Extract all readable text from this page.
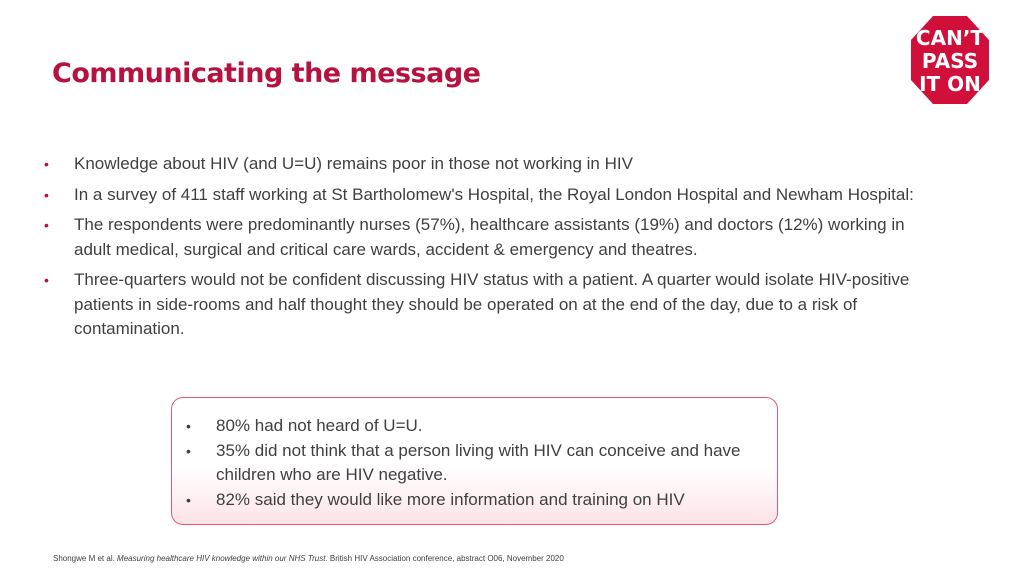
Communicating the message
CAN’T
PASS
IT ON
• Knowledge about HIV (and U=U) remains poor in those not working in HIV
• In a survey of 411 staff working at St Bartholomew's Hospital, the Royal London Hospital and Newham Hospital:
• The respondents were predominantly nurses (57%), healthcare assistants (19%) and doctors (12%) working in adult medical, surgical and critical care wards, accident & emergency and theatres.
• Three-quarters would not be confident discussing HIV status with a patient. A quarter would isolate HIV-positive patients in side-rooms and half thought they should be operated on at the end of the day, due to a risk of contamination.
• 80% had not heard of U=U.
• 35% did not think that a person living with HIV can conceive and have children who are HIV negative.
• 82% said they would like more information and training on HIV
Shongwe M et al. Measuring healthcare HIV knowledge within our NHS Trust. British HIV Association conference, abstract O06, November 2020
